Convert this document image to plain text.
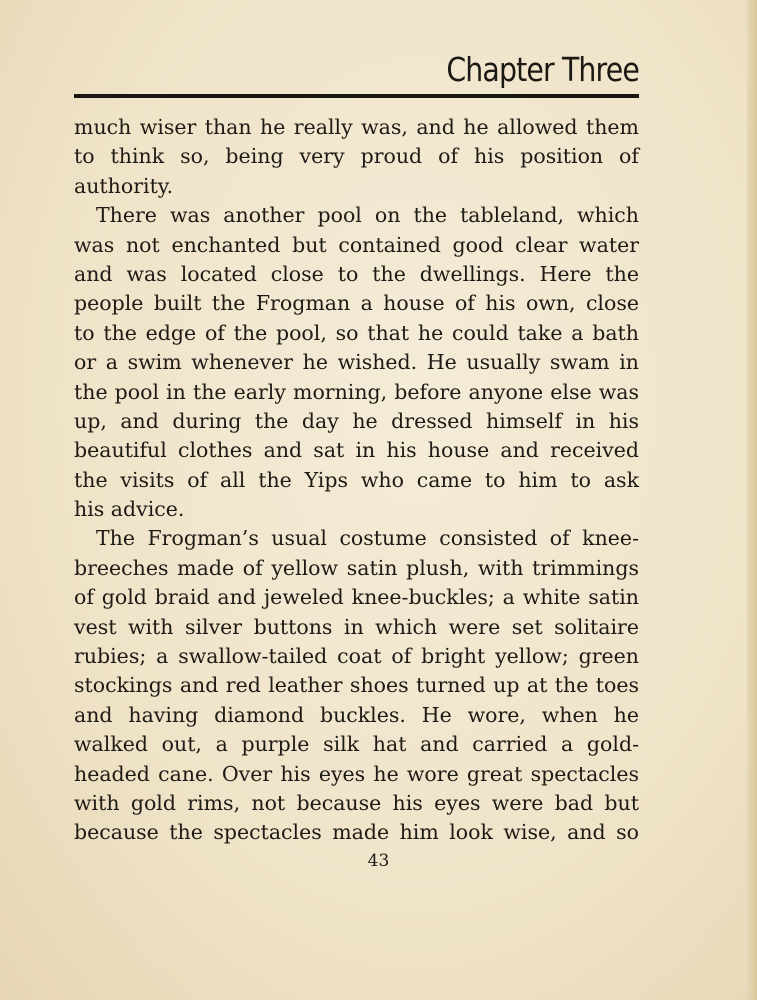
Chapter Three
much wiser than he really was, and he allowed them
to think so, being very proud of his position of
authority.
There was another pool on the tableland, which
was not enchanted but contained good clear water
and was located close to the dwellings. Here the
people built the Frogman a house of his own, close
to the edge of the pool, so that he could take a bath
or a swim whenever he wished. He usually swam in
the pool in the early morning, before anyone else was
up, and during the day he dressed himself in his
beautiful clothes and sat in his house and received
the visits of all the Yips who came to him to ask
his advice.
The Frogman’s usual costume consisted of knee-
breeches made of yellow satin plush, with trimmings
of gold braid and jeweled knee-buckles; a white satin
vest with silver buttons in which were set solitaire
rubies; a swallow-tailed coat of bright yellow; green
stockings and red leather shoes turned up at the toes
and having diamond buckles. He wore, when he
walked out, a purple silk hat and carried a gold-
headed cane. Over his eyes he wore great spectacles
with gold rims, not because his eyes were bad but
because the spectacles made him look wise, and so
43
